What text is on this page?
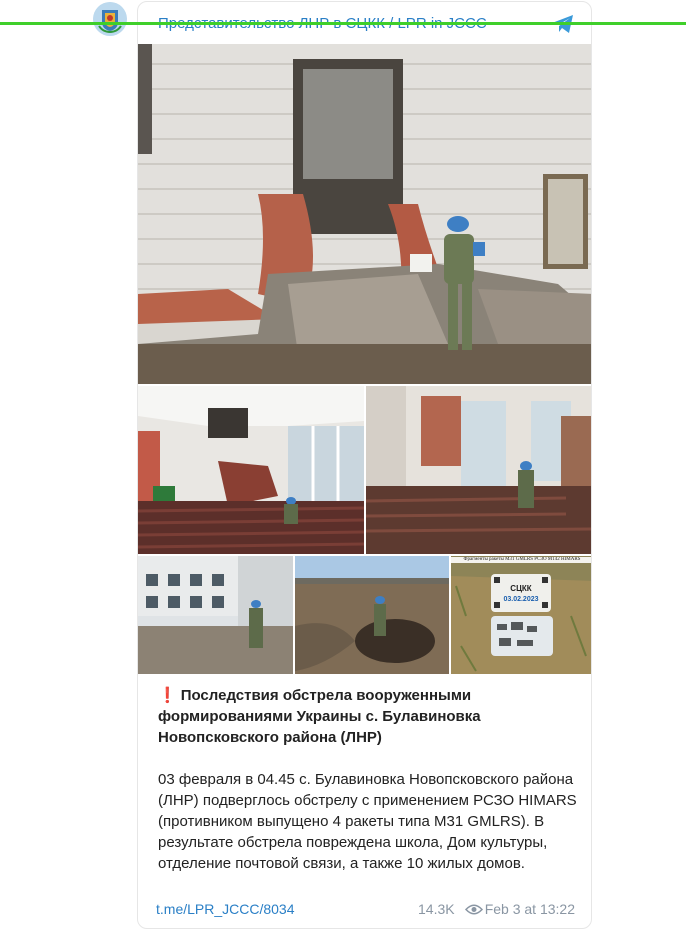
Фрагменты ракеты M31 GMLRS РСЗО M142 HIMARS
СЦКК
03.02.2023

❗ Последствия обстрела вооруженными формированиями Украины с. Булавиновка Новопсковского района (ЛНР)

03 февраля в 04.45 с. Булавиновка Новопсковского района (ЛНР) подверглось обстрелу с применением РСЗО HIMARS (противником выпущено 4 ракеты типа M31 GMLRS). В результате обстрела повреждена школа, Дом культуры, отделение почтовой связи, а также 10 жилых домов.

t.me/LPR_JCCC/8034	14.3K Feb 3 at 13:22
